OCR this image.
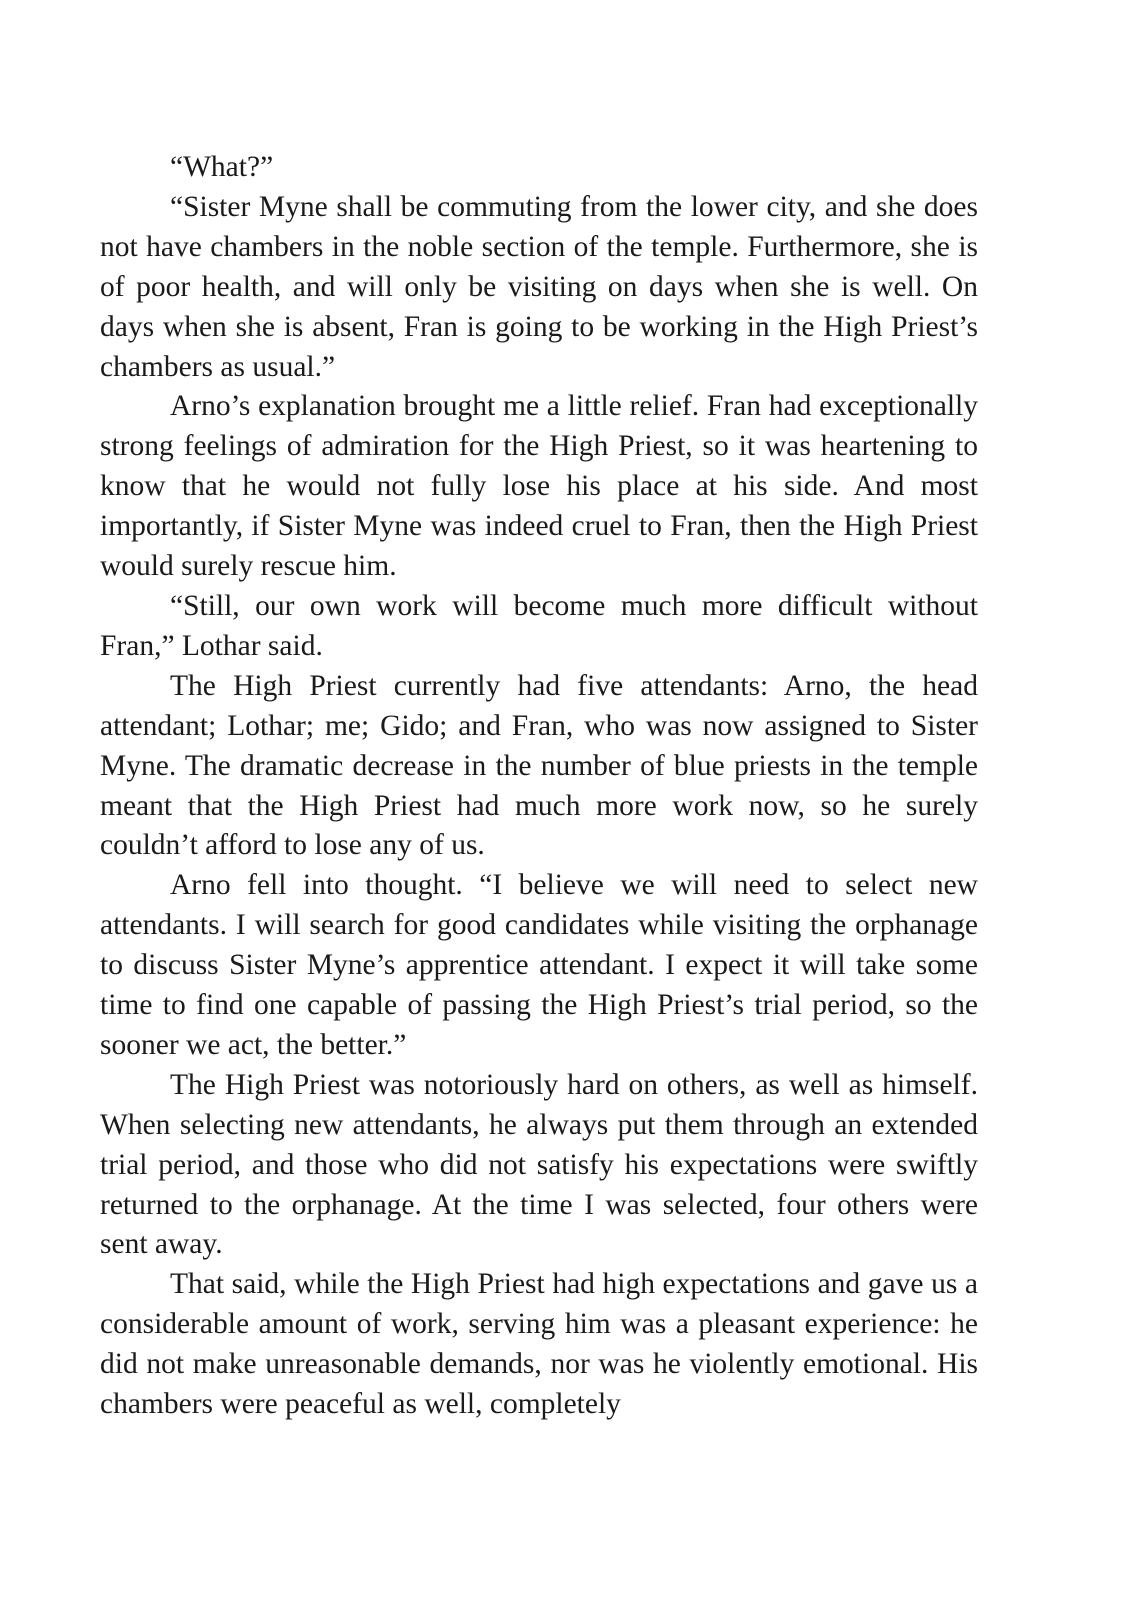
“What?”

“Sister Myne shall be commuting from the lower city, and she does not have chambers in the noble section of the temple. Furthermore, she is of poor health, and will only be visiting on days when she is well. On days when she is absent, Fran is going to be working in the High Priest’s chambers as usual.”

Arno’s explanation brought me a little relief. Fran had exceptionally strong feelings of admiration for the High Priest, so it was heartening to know that he would not fully lose his place at his side. And most importantly, if Sister Myne was indeed cruel to Fran, then the High Priest would surely rescue him.

“Still, our own work will become much more difficult without Fran,” Lothar said.

The High Priest currently had five attendants: Arno, the head attendant; Lothar; me; Gido; and Fran, who was now assigned to Sister Myne. The dramatic decrease in the number of blue priests in the temple meant that the High Priest had much more work now, so he surely couldn’t afford to lose any of us.

Arno fell into thought. “I believe we will need to select new attendants. I will search for good candidates while visiting the orphanage to discuss Sister Myne’s apprentice attendant. I expect it will take some time to find one capable of passing the High Priest’s trial period, so the sooner we act, the better.”

The High Priest was notoriously hard on others, as well as himself. When selecting new attendants, he always put them through an extended trial period, and those who did not satisfy his expectations were swiftly returned to the orphanage. At the time I was selected, four others were sent away.

That said, while the High Priest had high expectations and gave us a considerable amount of work, serving him was a pleasant experience: he did not make unreasonable demands, nor was he violently emotional. His chambers were peaceful as well, completely
